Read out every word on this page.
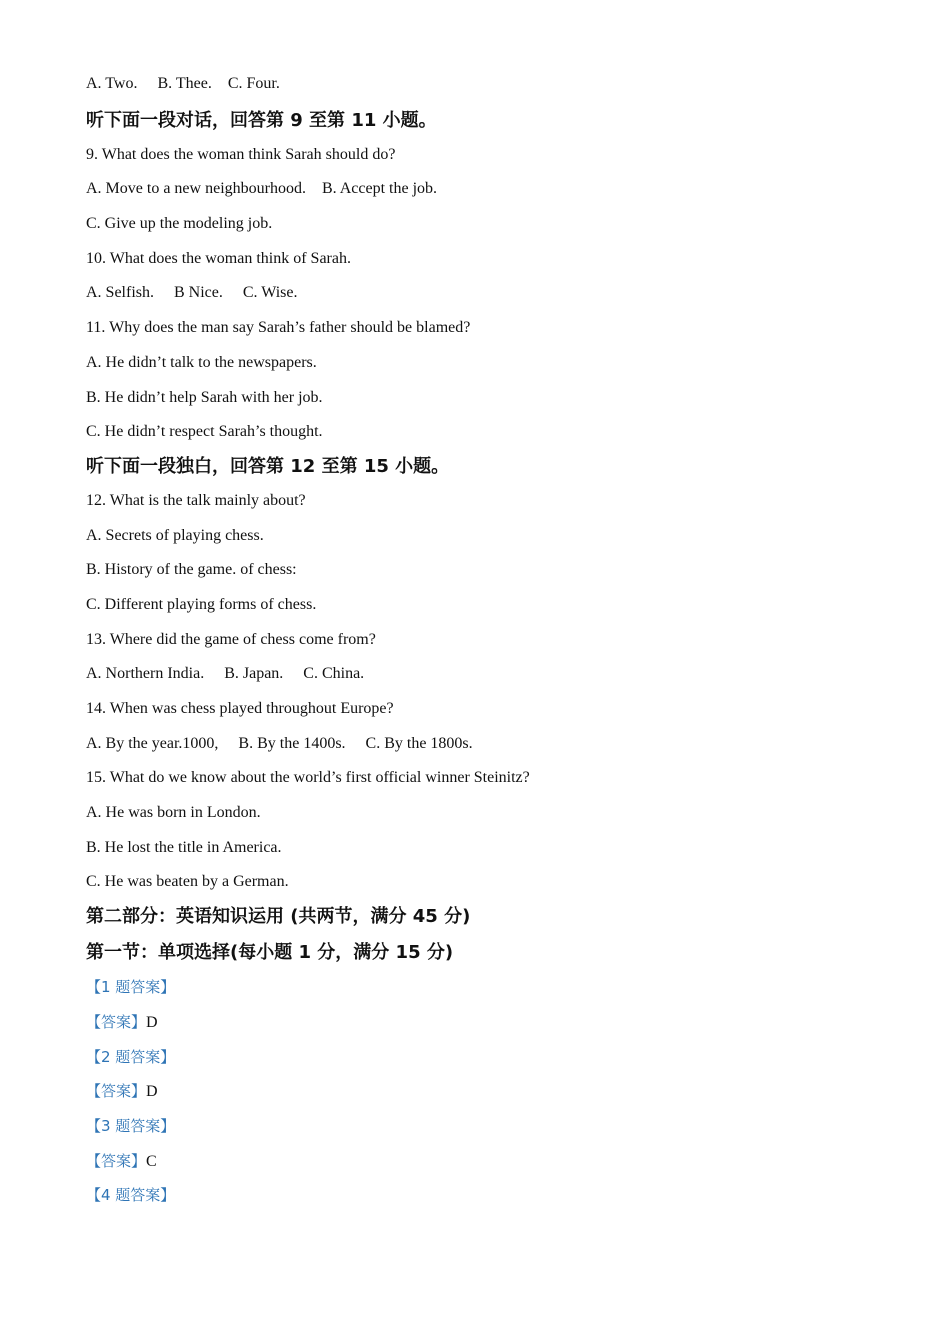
A. Two.     B. Thee.    C. Four.
听下面一段对话，回答第 9 至第 11 小题。
9. What does the woman think Sarah should do?
A. Move to a new neighbourhood.    B. Accept the job.
C. Give up the modeling job.
10. What does the woman think of Sarah.
A. Selfish.     B Nice.     C. Wise.
11. Why does the man say Sarah’s father should be blamed?
A. He didn’t talk to the newspapers.
B. He didn’t help Sarah with her job.
C. He didn’t respect Sarah’s thought.
听下面一段独白，回答第 12 至第 15 小题。
12. What is the talk mainly about?
A. Secrets of playing chess.
B. History of the game. of chess:
C. Different playing forms of chess.
13. Where did the game of chess come from?
A. Northern India.     B. Japan.     C. China.
14. When was chess played throughout Europe?
A. By the year.1000,     B. By the 1400s.     C. By the 1800s.
15. What do we know about the world’s first official winner Steinitz?
A. He was born in London.
B. He lost the title in America.
C. He was beaten by a German.
第二部分：英语知识运用 (共两节，满分 45 分)
第一节：单项选择(每小题 1 分，满分 15 分)
【1 题答案】
【答案】D
【2 题答案】
【答案】D
【3 题答案】
【答案】C
【4 题答案】
